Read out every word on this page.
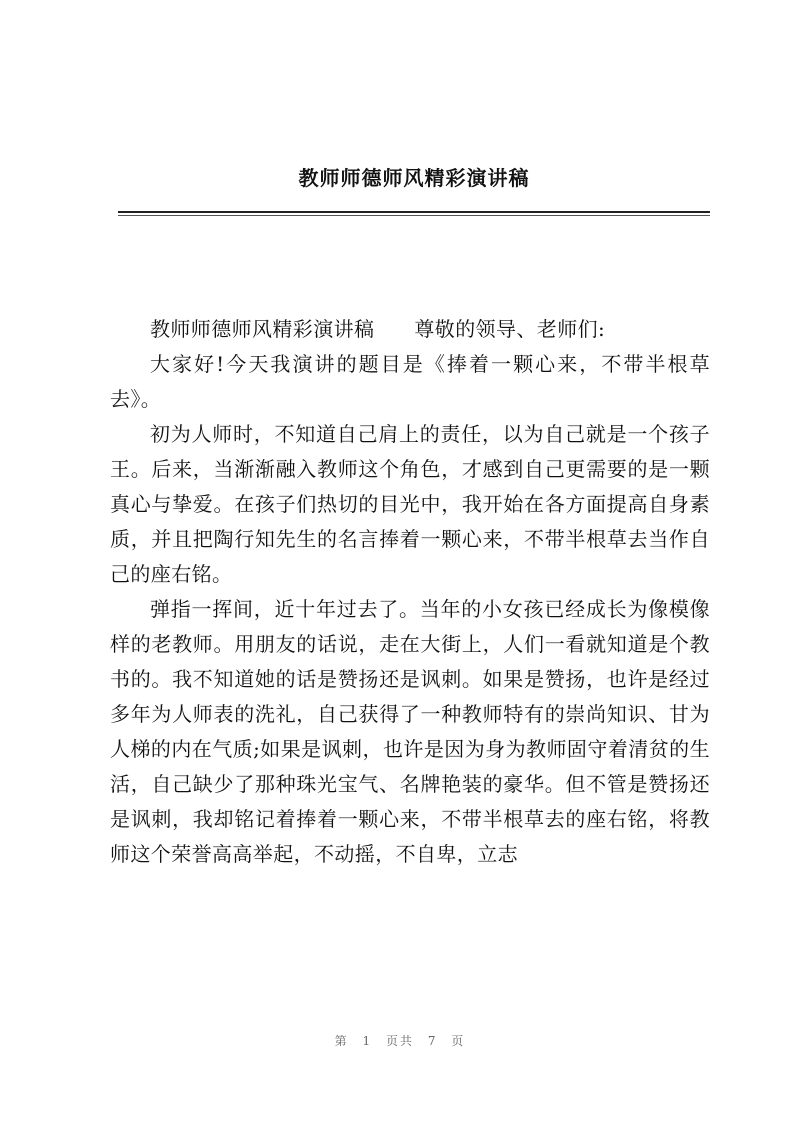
教师师德师风精彩演讲稿

教师师德师风精彩演讲稿 尊敬的领导、老师们:

大家好!今天我演讲的题目是《捧着一颗心来，不带半根草去》。

初为人师时，不知道自己肩上的责任，以为自己就是一个孩子王。后来，当渐渐融入教师这个角色，才感到自己更需要的是一颗真心与挚爱。在孩子们热切的目光中，我开始在各方面提高自身素质，并且把陶行知先生的名言捧着一颗心来，不带半根草去当作自己的座右铭。

弹指一挥间，近十年过去了。当年的小女孩已经成长为像模像样的老教师。用朋友的话说，走在大街上，人们一看就知道是个教书的。我不知道她的话是赞扬还是讽刺。如果是赞扬，也许是经过多年为人师表的洗礼，自己获得了一种教师特有的崇尚知识、甘为人梯的内在气质;如果是讽刺，也许是因为身为教师固守着清贫的生活，自己缺少了那种珠光宝气、名牌艳装的豪华。但不管是赞扬还是讽刺，我却铭记着捧着一颗心来，不带半根草去的座右铭，将教师这个荣誉高高举起，不动摇，不自卑，立志

第 1 页共 7 页
